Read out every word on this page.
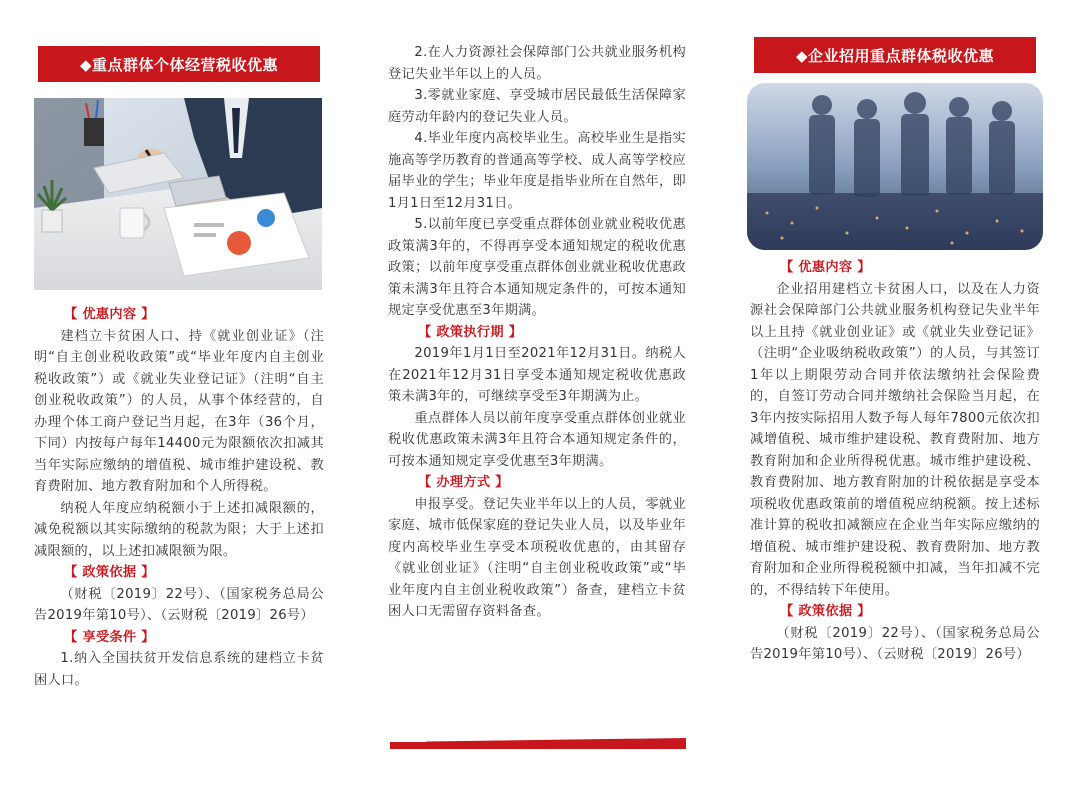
◆重点群体个体经营税收优惠
【 优惠内容 】

建档立卡贫困人口、持《就业创业证》（注明“自主创业税收政策”或“毕业年度内自主创业税收政策”）或《就业失业登记证》（注明“自主创业税收政策”）的人员，从事个体经营的，自办理个体工商户登记当月起，在3年（36个月，下同）内按每户每年14400元为限额依次扣减其当年实际应缴纳的增值税、城市维护建设税、教育费附加、地方教育附加和个人所得税。

纳税人年度应纳税额小于上述扣减限额的，减免税额以其实际缴纳的税款为限；大于上述扣减限额的，以上述扣减限额为限。

【 政策依据 】

（财税〔2019〕22号）、（国家税务总局公告2019年第10号）、（云财税〔2019〕26号）

【 享受条件 】

1.纳入全国扶贫开发信息系统的建档立卡贫困人口。

2.在人力资源社会保障部门公共就业服务机构登记失业半年以上的人员。

3.零就业家庭、享受城市居民最低生活保障家庭劳动年龄内的登记失业人员。

4.毕业年度内高校毕业生。高校毕业生是指实施高等学历教育的普通高等学校、成人高等学校应届毕业的学生；毕业年度是指毕业所在自然年，即1月1日至12月31日。

5.以前年度已享受重点群体创业就业税收优惠政策满3年的，不得再享受本通知规定的税收优惠政策；以前年度享受重点群体创业就业税收优惠政策未满3年且符合本通知规定条件的，可按本通知规定享受优惠至3年期满。

【 政策执行期 】

2019年1月1日至2021年12月31日。纳税人在2021年12月31日享受本通知规定税收优惠政策未满3年的，可继续享受至3年期满为止。

重点群体人员以前年度享受重点群体创业就业税收优惠政策未满3年且符合本通知规定条件的，可按本通知规定享受优惠至3年期满。

【 办理方式 】

申报享受。登记失业半年以上的人员，零就业家庭、城市低保家庭的登记失业人员，以及毕业年度内高校毕业生享受本项税收优惠的，由其留存《就业创业证》（注明“自主创业税收政策”或“毕业年度内自主创业税收政策”）备查，建档立卡贫困人口无需留存资料备查。

◆企业招用重点群体税收优惠
【 优惠内容 】

企业招用建档立卡贫困人口，以及在人力资源社会保障部门公共就业服务机构登记失业半年以上且持《就业创业证》或《就业失业登记证》（注明“企业吸纳税收政策”）的人员，与其签订1年以上期限劳动合同并依法缴纳社会保险费的，自签订劳动合同并缴纳社会保险当月起，在3年内按实际招用人数予每人每年7800元依次扣减增值税、城市维护建设税、教育费附加、地方教育附加和企业所得税优惠。城市维护建设税、教育费附加、地方教育附加的计税依据是享受本项税收优惠政策前的增值税应纳税额。按上述标准计算的税收扣减额应在企业当年实际应缴纳的增值税、城市维护建设税、教育费附加、地方教育附加和企业所得税税额中扣减，当年扣减不完的，不得结转下年使用。

【 政策依据 】

（财税〔2019〕22号）、（国家税务总局公告2019年第10号）、（云财税〔2019〕26号）
